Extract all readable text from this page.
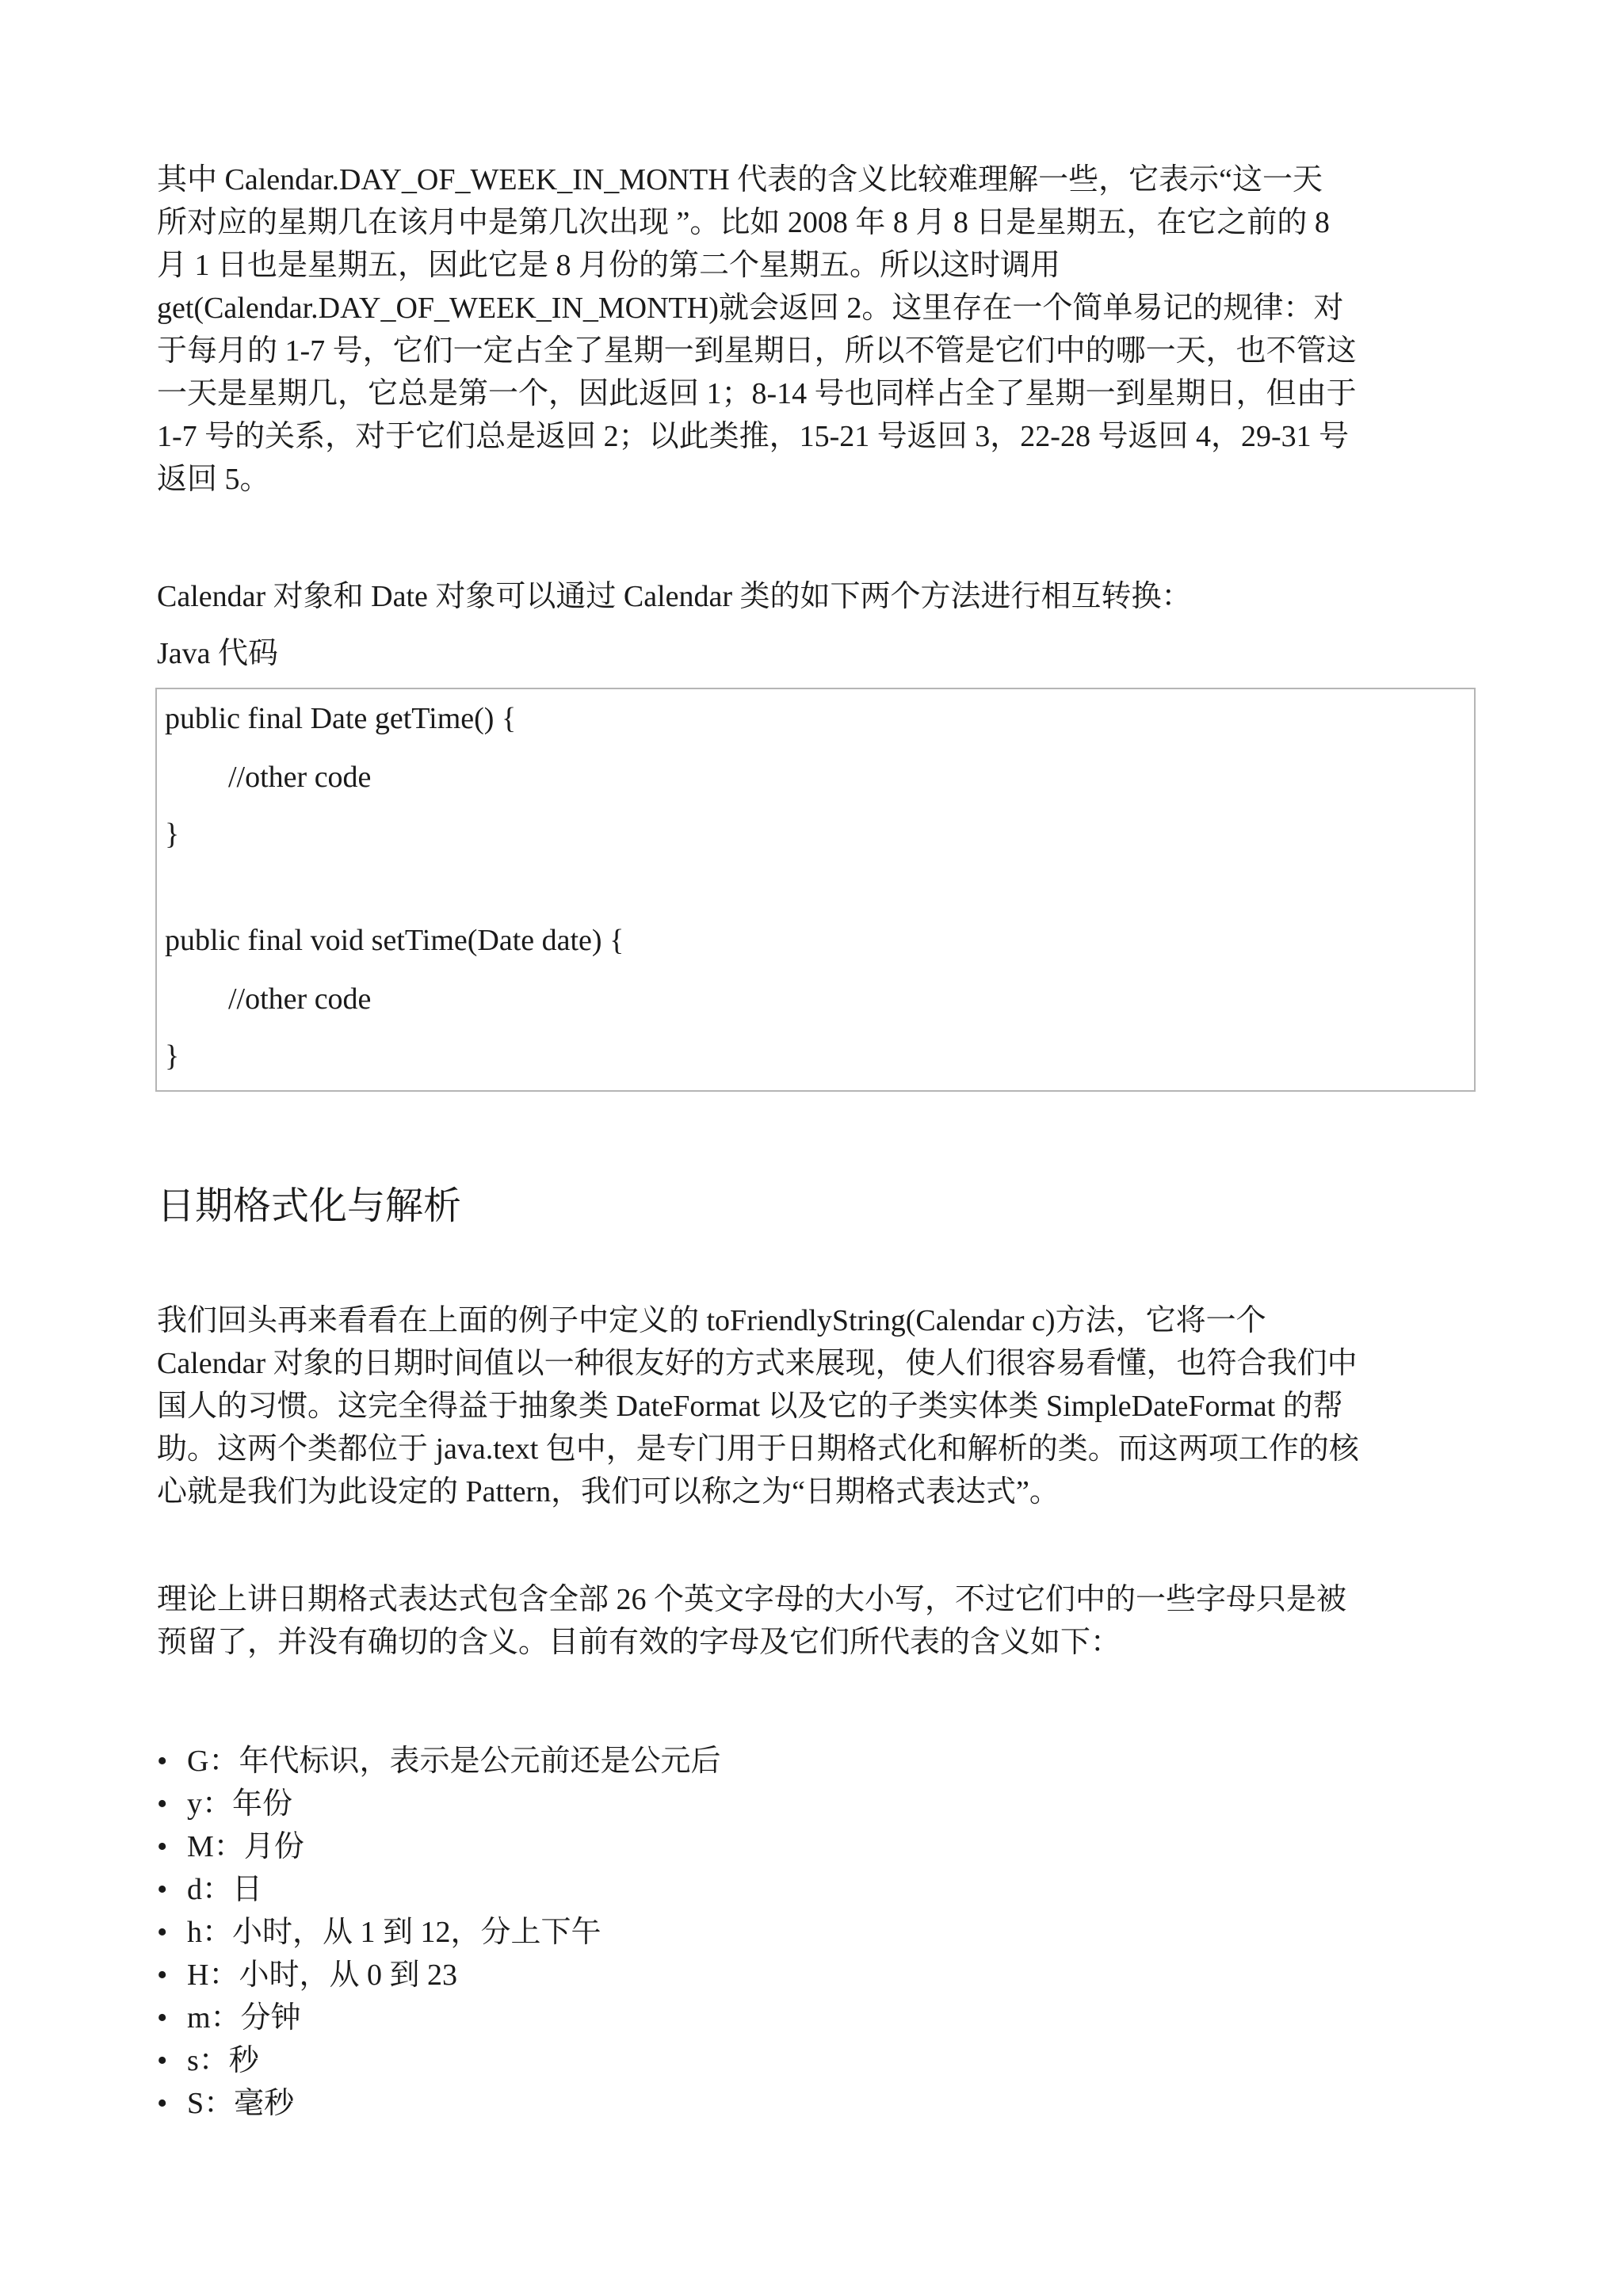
其中 Calendar.DAY_OF_WEEK_IN_MONTH 代表的含义比较难理解一些，它表示“这一天
所对应的星期几在该月中是第几次出现 ”。比如 2008 年 8 月 8 日是星期五，在它之前的 8
月 1 日也是星期五，因此它是 8 月份的第二个星期五。所以这时调用
get(Calendar.DAY_OF_WEEK_IN_MONTH)就会返回 2。这里存在一个简单易记的规律：对
于每月的 1-7 号，它们一定占全了星期一到星期日，所以不管是它们中的哪一天，也不管这
一天是星期几，它总是第一个，因此返回 1；8-14 号也同样占全了星期一到星期日，但由于
1-7 号的关系，对于它们总是返回 2；以此类推，15-21 号返回 3，22-28 号返回 4，29-31 号
返回 5。

Calendar 对象和 Date 对象可以通过 Calendar 类的如下两个方法进行相互转换：

Java 代码

public final Date getTime() {
//other code
}
public final void setTime(Date date) {
//other code
}
日期格式化与解析
我们回头再来看看在上面的例子中定义的 toFriendlyString(Calendar c)方法，它将一个
Calendar 对象的日期时间值以一种很友好的方式来展现，使人们很容易看懂，也符合我们中
国人的习惯。这完全得益于抽象类 DateFormat 以及它的子类实体类 SimpleDateFormat 的帮
助。这两个类都位于 java.text 包中，是专门用于日期格式化和解析的类。而这两项工作的核
心就是我们为此设定的 Pattern，我们可以称之为“日期格式表达式”。
理论上讲日期格式表达式包含全部 26 个英文字母的大小写，不过它们中的一些字母只是被
预留了，并没有确切的含义。目前有效的字母及它们所代表的含义如下：
• G：年代标识，表示是公元前还是公元后
• y：年份
• M：月份
• d：日
• h：小时，从 1 到 12，分上下午
• H：小时，从 0 到 23
• m：分钟
• s：秒
• S：毫秒
